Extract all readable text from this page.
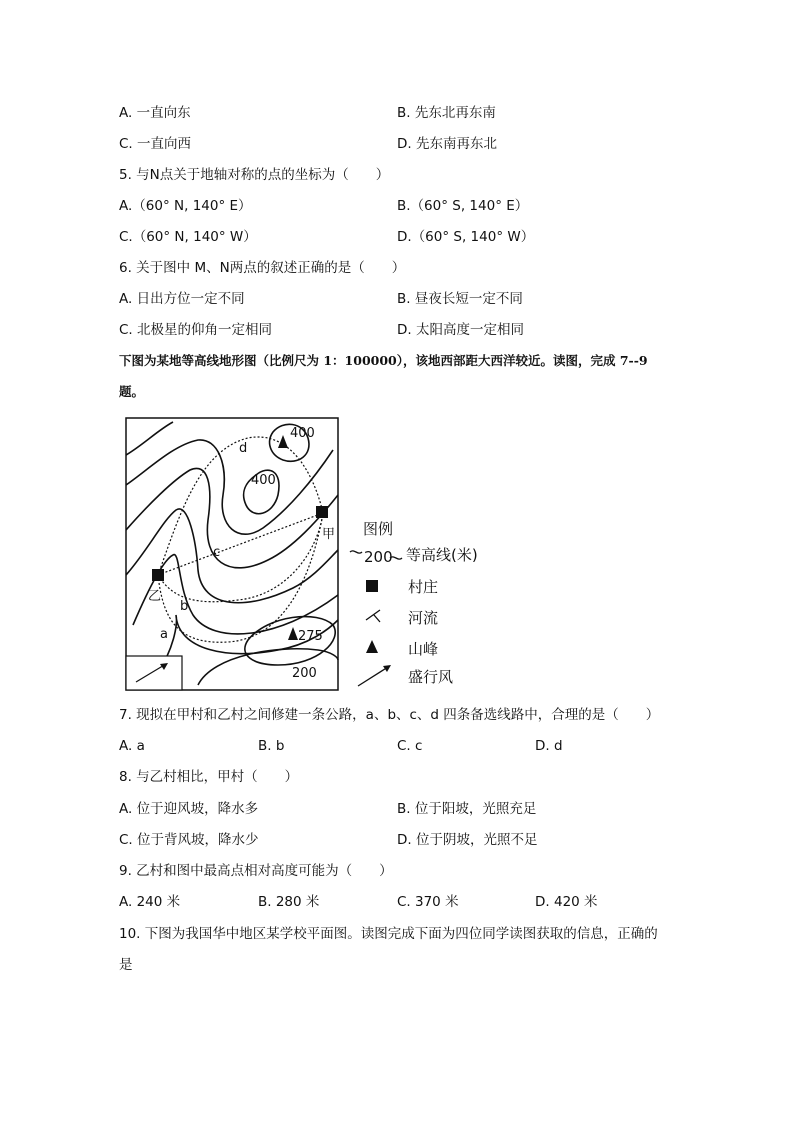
A. 一直向东	B. 先东北再东南
C. 一直向西	D. 先东南再东北
5. 与N点关于地轴对称的点的坐标为（　　）
A.（60° N, 140° E）	B.（60° S, 140° E）
C.（60° N, 140° W）	D.（60° S, 140° W）
6. 关于图中 M、N两点的叙述正确的是（　　）
A. 日出方位一定不同	B. 昼夜长短一定不同
C. 北极星的仰角一定相同	D. 太阳高度一定相同
下图为某地等高线地形图（比例尺为 1：100000），该地西部距大西洋较近。读图，完成 7--9
题。
400
400
275
200
a
b
c
d
甲
乙
图例
200 等高线(米)
村庄
河流
山峰
盛行风
7. 现拟在甲村和乙村之间修建一条公路，a、b、c、d 四条备选线路中，合理的是（　　）
A. a	B. b	C. c	D. d
8. 与乙村相比，甲村（　　）
A. 位于迎风坡，降水多	B. 位于阳坡，光照充足
C. 位于背风坡，降水少	D. 位于阴坡，光照不足
9. 乙村和图中最高点相对高度可能为（　　）
A. 240 米	B. 280 米	C. 370 米	D. 420 米
10. 下图为我国华中地区某学校平面图。读图完成下面为四位同学读图获取的信息，正确的
是
